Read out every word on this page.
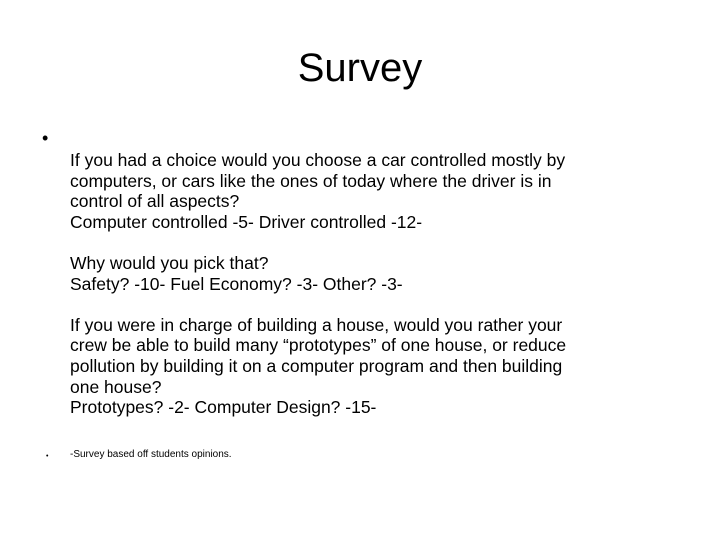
Survey
•

If you had a choice would you choose a car controlled mostly by
computers, or cars like the ones of today where the driver is in
control of all aspects?
Computer controlled -5- Driver controlled -12-

Why would you pick that?
Safety? -10- Fuel Economy? -3- Other? -3-

If you were in charge of building a house, would you rather your
crew be able to build many “prototypes” of one house, or reduce
pollution by building it on a computer program and then building
one house?
Prototypes? -2- Computer Design? -15-

• -Survey based off students opinions.
